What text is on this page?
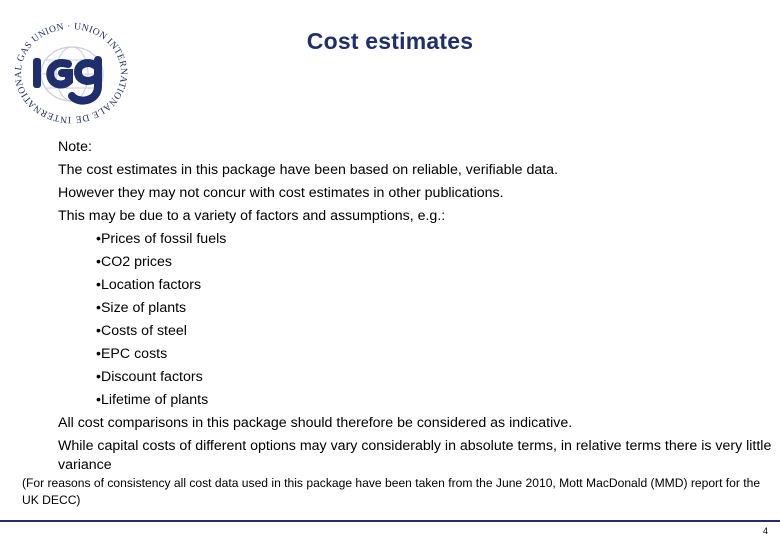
INTERNATIONAL GAS UNION · UNION INTERNATIONALE DE
Cost estimates
Note:
The cost estimates in this package have been based on reliable, verifiable data.
However they may not concur with cost estimates in other publications.
This may be due to a variety of factors and assumptions, e.g.:
•Prices of fossil fuels
•CO2 prices
•Location factors
•Size of plants
•Costs of steel
•EPC costs
•Discount factors
•Lifetime of plants
All cost comparisons in this package should therefore be considered as indicative.
While capital costs of different options may vary considerably in absolute terms, in relative terms there is very little variance
(For reasons of consistency all cost data used in this package have been taken from the June 2010, Mott MacDonald (MMD) report for the UK DECC)
4
